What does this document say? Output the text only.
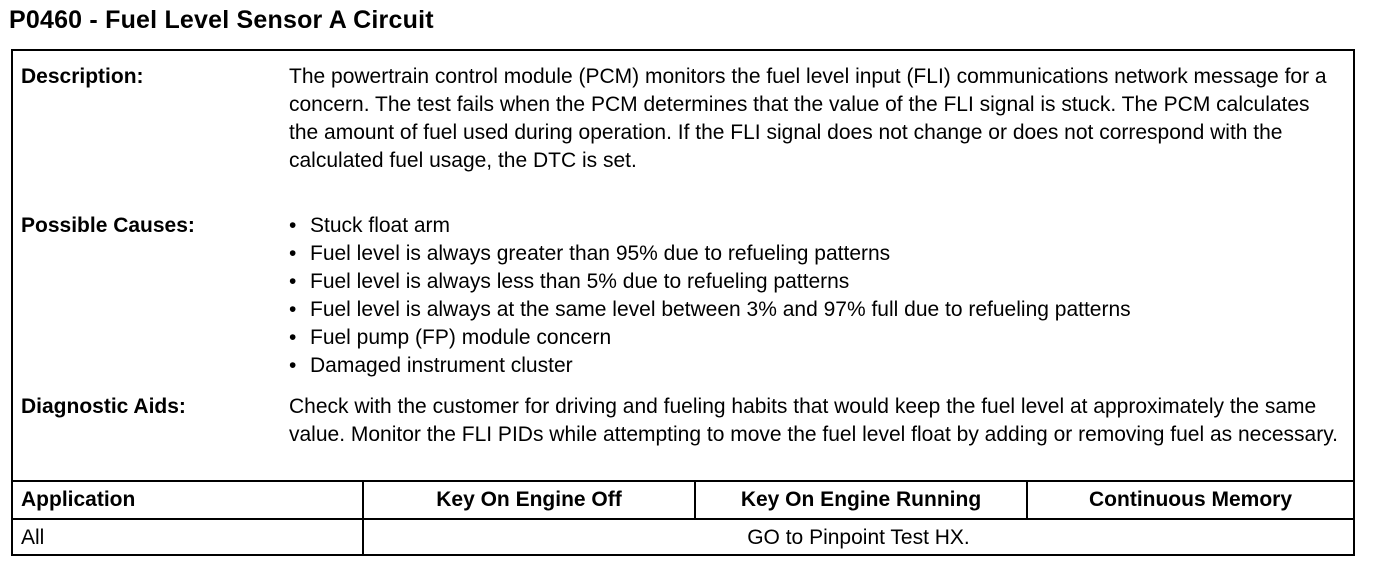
P0460 - Fuel Level Sensor A Circuit
Description:	The powertrain control module (PCM) monitors the fuel level input (FLI) communications network message for a concern. The test fails when the PCM determines that the value of the FLI signal is stuck. The PCM calculates the amount of fuel used during operation. If the FLI signal does not change or does not correspond with the calculated fuel usage, the DTC is set.
Possible Causes:
•	Stuck float arm
• Fuel level is always greater than 95% due to refueling patterns
• Fuel level is always less than 5% due to refueling patterns
• Fuel level is always at the same level between 3% and 97% full due to refueling patterns
• Fuel pump (FP) module concern
• Damaged instrument cluster
Diagnostic Aids:	Check with the customer for driving and fueling habits that would keep the fuel level at approximately the same value. Monitor the FLI PIDs while attempting to move the fuel level float by adding or removing fuel as necessary.
Application	Key On Engine Off	Key On Engine Running	Continuous Memory
All	GO to Pinpoint Test HX.
